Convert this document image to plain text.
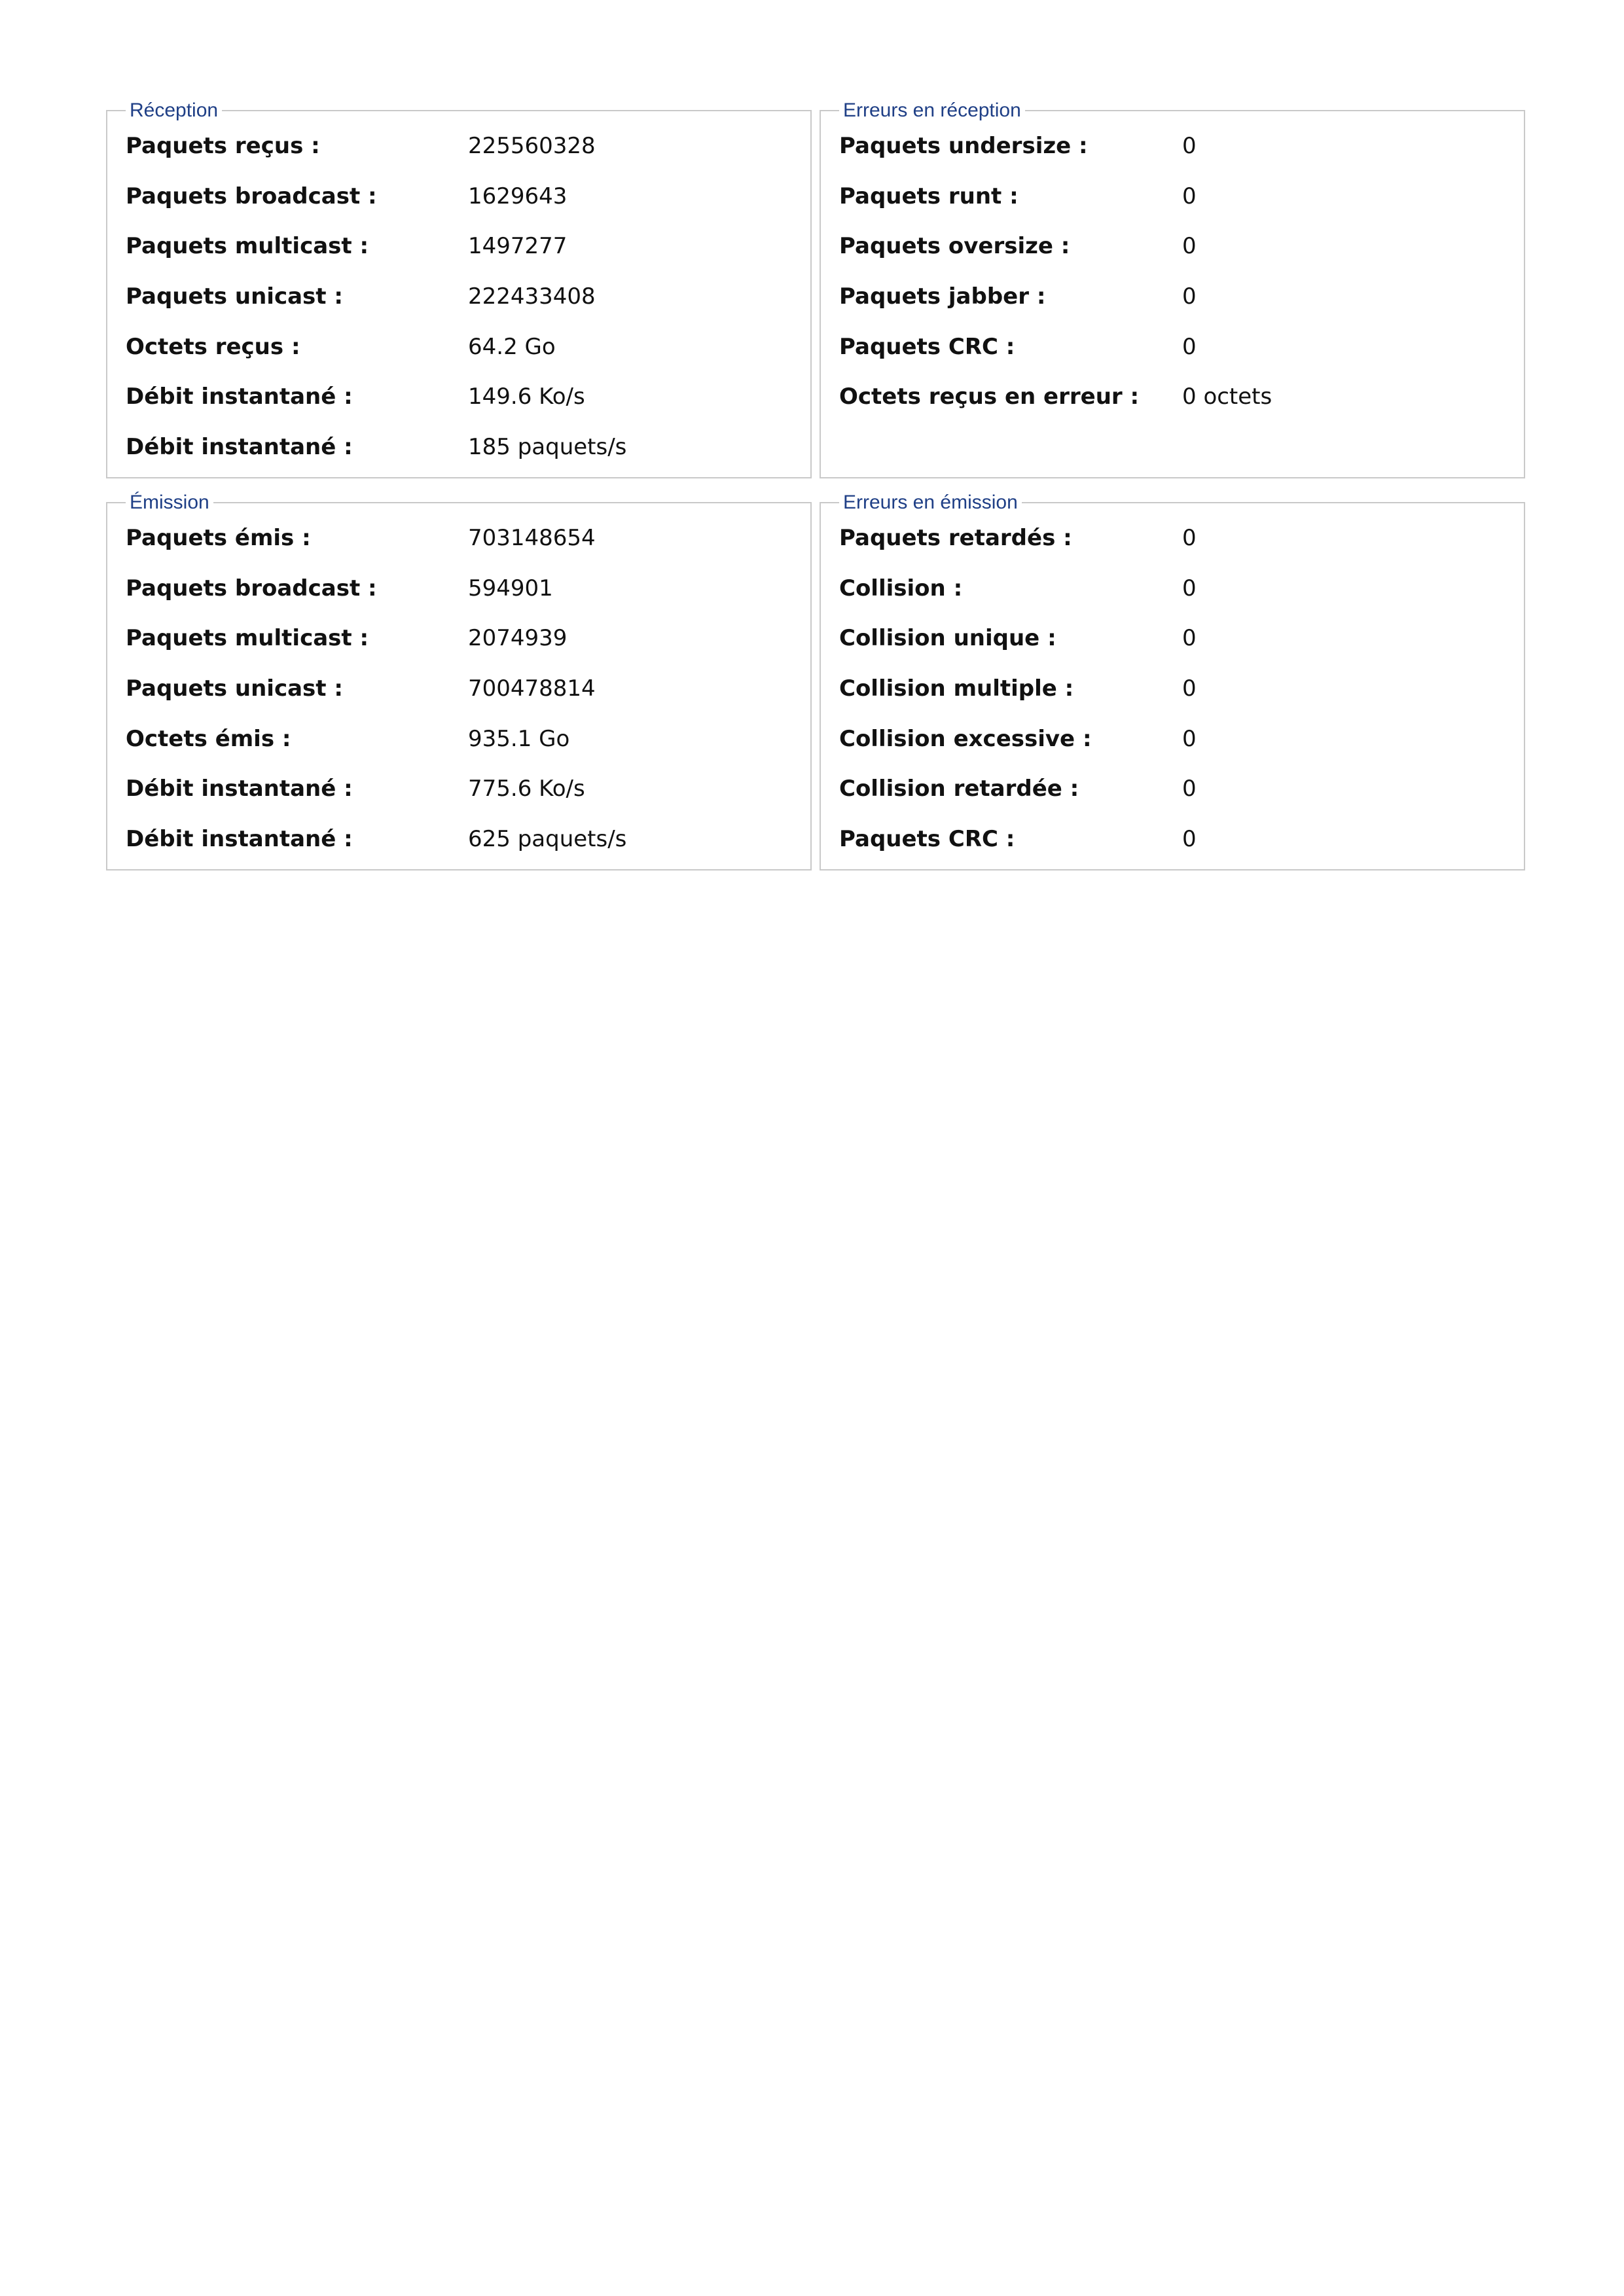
Réception
Paquets reçus :	225560328
Paquets broadcast :	1629643
Paquets multicast :	1497277
Paquets unicast :	222433408
Octets reçus :	64.2 Go
Débit instantané :	149.6 Ko/s
Débit instantané :	185 paquets/s
Erreurs en réception
Paquets undersize :	0
Paquets runt :	0
Paquets oversize :	0
Paquets jabber :	0
Paquets CRC :	0
Octets reçus en erreur : 0 octets
Émission
Paquets émis :	703148654
Paquets broadcast :	594901
Paquets multicast :	2074939
Paquets unicast :	700478814
Octets émis :	935.1 Go
Débit instantané :	775.6 Ko/s
Débit instantané :	625 paquets/s
Erreurs en émission
Paquets retardés :	0
Collision :	0
Collision unique :	0
Collision multiple :	0
Collision excessive :	0
Collision retardée :	0
Paquets CRC :	0
